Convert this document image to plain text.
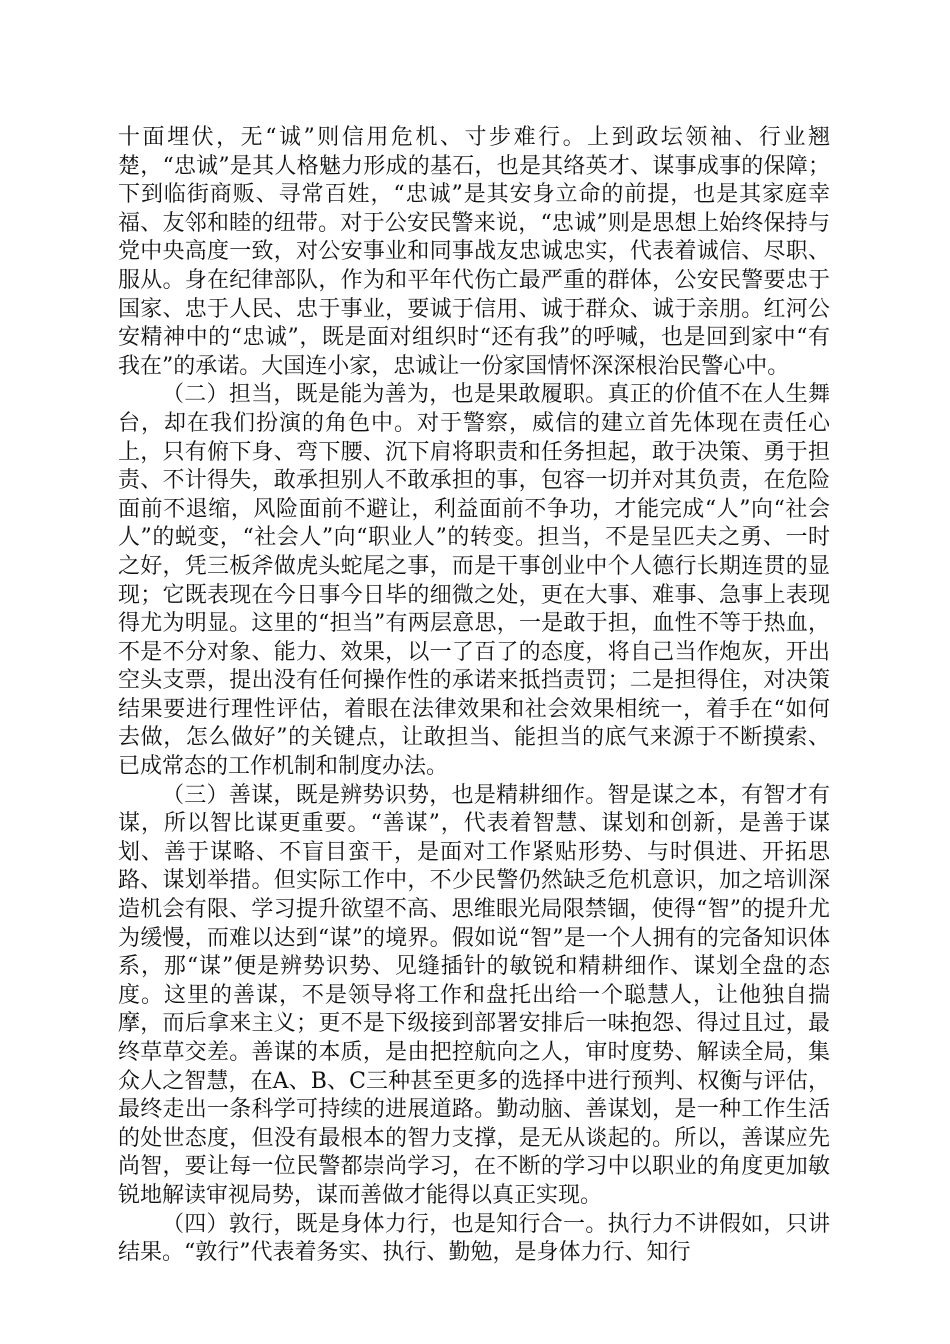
十面埋伏，无“诚”则信用危机、寸步难行。上到政坛领袖、行业翘楚，“忠诚”是其人格魅力形成的基石，也是其络英才、谋事成事的保障；下到临街商贩、寻常百姓，“忠诚”是其安身立命的前提，也是其家庭幸福、友邻和睦的纽带。对于公安民警来说，“忠诚”则是思想上始终保持与党中央高度一致，对公安事业和同事战友忠诚忠实，代表着诚信、尽职、服从。身在纪律部队，作为和平年代伤亡最严重的群体，公安民警要忠于国家、忠于人民、忠于事业，要诚于信用、诚于群众、诚于亲朋。红河公安精神中的“忠诚”，既是面对组织时“还有我”的呼喊，也是回到家中“有我在”的承诺。大国连小家，忠诚让一份家国情怀深深根治民警心中。

（二）担当，既是能为善为，也是果敢履职。真正的价值不在人生舞台，却在我们扮演的角色中。对于警察，威信的建立首先体现在责任心上，只有俯下身、弯下腰、沉下肩将职责和任务担起，敢于决策、勇于担责、不计得失，敢承担别人不敢承担的事，包容一切并对其负责，在危险面前不退缩，风险面前不避让，利益面前不争功，才能完成“人”向“社会人”的蜕变，“社会人”向“职业人”的转变。担当，不是呈匹夫之勇、一时之好，凭三板斧做虎头蛇尾之事，而是干事创业中个人德行长期连贯的显现；它既表现在今日事今日毕的细微之处，更在大事、难事、急事上表现得尤为明显。这里的“担当”有两层意思，一是敢于担，血性不等于热血，不是不分对象、能力、效果，以一了百了的态度，将自己当作炮灰，开出空头支票，提出没有任何操作性的承诺来抵挡责罚；二是担得住，对决策结果要进行理性评估，着眼在法律效果和社会效果相统一，着手在“如何去做，怎么做好”的关键点，让敢担当、能担当的底气来源于不断摸索、已成常态的工作机制和制度办法。

（三）善谋，既是辨势识势，也是精耕细作。智是谋之本，有智才有谋，所以智比谋更重要。“善谋”，代表着智慧、谋划和创新，是善于谋划、善于谋略、不盲目蛮干，是面对工作紧贴形势、与时俱进、开拓思路、谋划举措。但实际工作中，不少民警仍然缺乏危机意识，加之培训深造机会有限、学习提升欲望不高、思维眼光局限禁锢，使得“智”的提升尤为缓慢，而难以达到“谋”的境界。假如说“智”是一个人拥有的完备知识体系，那“谋”便是辨势识势、见缝插针的敏锐和精耕细作、谋划全盘的态度。这里的善谋，不是领导将工作和盘托出给一个聪慧人，让他独自揣摩，而后拿来主义；更不是下级接到部署安排后一味抱怨、得过且过，最终草草交差。善谋的本质，是由把控航向之人，审时度势、解读全局，集众人之智慧，在A、B、C三种甚至更多的选择中进行预判、权衡与评估，最终走出一条科学可持续的进展道路。勤动脑、善谋划，是一种工作生活的处世态度，但没有最根本的智力支撑，是无从谈起的。所以，善谋应先尚智，要让每一位民警都崇尚学习，在不断的学习中以职业的角度更加敏锐地解读审视局势，谋而善做才能得以真正实现。

（四）敦行，既是身体力行，也是知行合一。执行力不讲假如，只讲结果。“敦行”代表着务实、执行、勤勉，是身体力行、知行
